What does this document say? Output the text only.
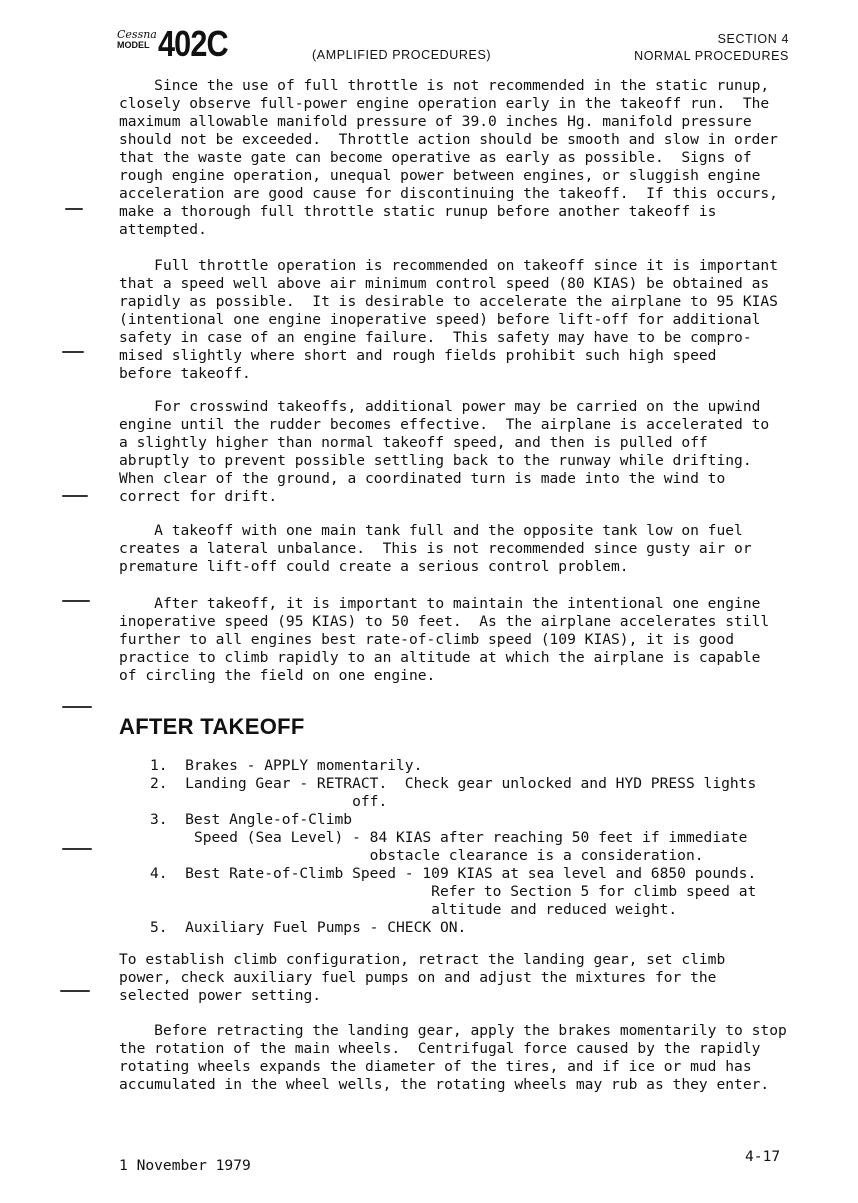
Cessna
MODEL 402C	(AMPLIFIED PROCEDURES)
SECTION 4
NORMAL PROCEDURES

Since the use of full throttle is not recommended in the static runup,
closely observe full-power engine operation early in the takeoff run.  The
maximum allowable manifold pressure of 39.0 inches Hg. manifold pressure
should not be exceeded.  Throttle action should be smooth and slow in order
that the waste gate can become operative as early as possible.  Signs of
rough engine operation, unequal power between engines, or sluggish engine
acceleration are good cause for discontinuing the takeoff.  If this occurs,
make a thorough full throttle static runup before another takeoff is
attempted.

Full throttle operation is recommended on takeoff since it is important
that a speed well above air minimum control speed (80 KIAS) be obtained as
rapidly as possible.  It is desirable to accelerate the airplane to 95 KIAS
(intentional one engine inoperative speed) before lift-off for additional
safety in case of an engine failure.  This safety may have to be compro-
mised slightly where short and rough fields prohibit such high speed
before takeoff.

For crosswind takeoffs, additional power may be carried on the upwind
engine until the rudder becomes effective.  The airplane is accelerated to
a slightly higher than normal takeoff speed, and then is pulled off
abruptly to prevent possible settling back to the runway while drifting.
When clear of the ground, a coordinated turn is made into the wind to
correct for drift.

A takeoff with one main tank full and the opposite tank low on fuel
creates a lateral unbalance.  This is not recommended since gusty air or
premature lift-off could create a serious control problem.

After takeoff, it is important to maintain the intentional one engine
inoperative speed (95 KIAS) to 50 feet.  As the airplane accelerates still
further to all engines best rate-of-climb speed (109 KIAS), it is good
practice to climb rapidly to an altitude at which the airplane is capable
of circling the field on one engine.

AFTER TAKEOFF
1.  Brakes - APPLY momentarily.
2.  Landing Gear - RETRACT.  Check gear unlocked and HYD PRESS lights
off.
3.  Best Angle-of-Climb
Speed (Sea Level) - 84 KIAS after reaching 50 feet if immediate
obstacle clearance is a consideration.
4.  Best Rate-of-Climb Speed - 109 KIAS at sea level and 6850 pounds.
Refer to Section 5 for climb speed at
altitude and reduced weight.
5.  Auxiliary Fuel Pumps - CHECK ON.

To establish climb configuration, retract the landing gear, set climb
power, check auxiliary fuel pumps on and adjust the mixtures for the
selected power setting.

Before retracting the landing gear, apply the brakes momentarily to stop
the rotation of the main wheels.  Centrifugal force caused by the rapidly
rotating wheels expands the diameter of the tires, and if ice or mud has
accumulated in the wheel wells, the rotating wheels may rub as they enter.

1 November 1979
4-17
